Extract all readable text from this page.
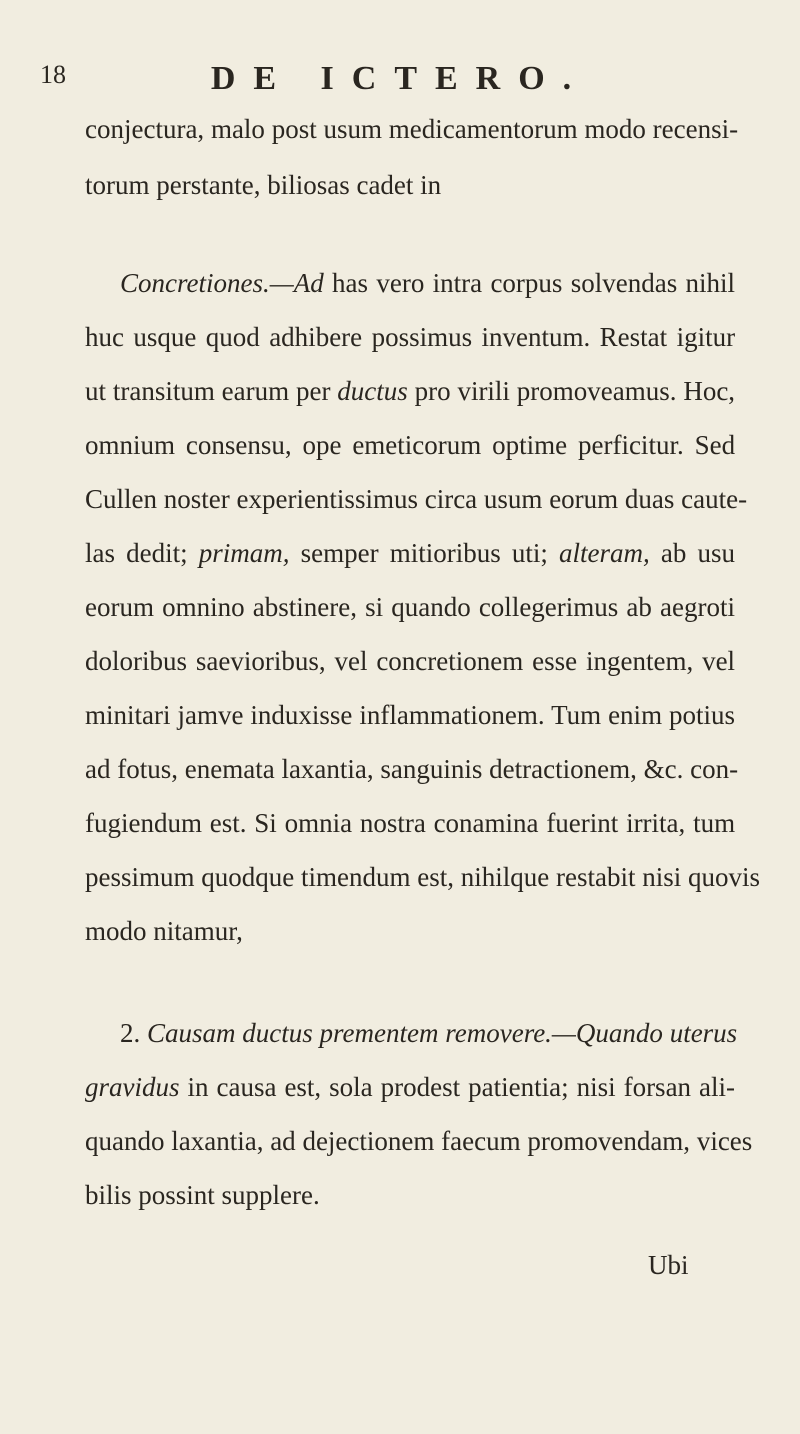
18	DE ICTERO.
conjectura, malo post usum medicamentorum modo recensi-
torum perstante, biliosas cadet in
Concretiones.—Ad has vero intra corpus solvendas nihil
huc usque quod adhibere possimus inventum. Restat igitur
ut transitum earum per ductus pro virili promoveamus. Hoc,
omnium consensu, ope emeticorum optime perficitur. Sed
Cullen noster experientissimus circa usum eorum duas caute-
las dedit; primam, semper mitioribus uti; alteram, ab usu
eorum omnino abstinere, si quando collegerimus ab aegroti
doloribus saevioribus, vel concretionem esse ingentem, vel
minitari jamve induxisse inflammationem. Tum enim potius
ad fotus, enemata laxantia, sanguinis detractionem, &c. con-
fugiendum est. Si omnia nostra conamina fuerint irrita, tum
pessimum quodque timendum est, nihilque restabit nisi quovis
modo nitamur,
2. Causam ductus prementem removere.—Quando uterus
gravidus in causa est, sola prodest patientia; nisi forsan ali-
quando laxantia, ad dejectionem faecum promovendam, vices
bilis possint supplere.
Ubi
